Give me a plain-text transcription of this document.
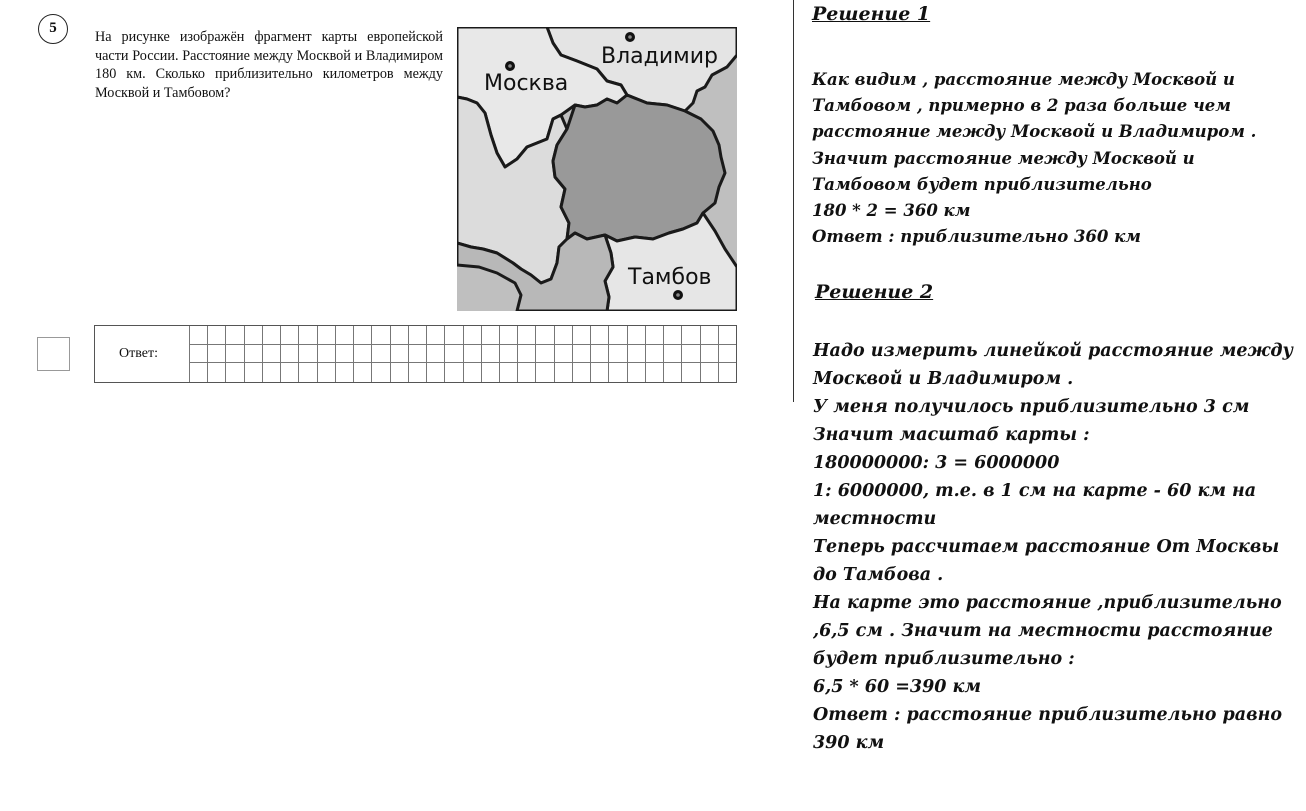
5

На рисунке изображён фрагмент карты европейской части России. Расстояние между Москвой и Владимиром 180 км. Сколько приблизительно километров между Москвой и Тамбовом?	Москва
Владимир
Тамбов
Ответ:
Решение 1
Как видим , расстояние между Москвой и
Тамбовом , примерно в 2 раза больше чем
расстояние между Москвой и Владимиром .
Значит расстояние между Москвой и
Тамбовом будет приблизительно
180 * 2 = 360 км
Ответ : приблизительно 360 км
Решение 2
Надо измерить линейкой расстояние между
Москвой и Владимиром .
У меня получилось приблизительно 3 см
Значит масштаб карты :
180000000: 3 = 6000000
1: 6000000, т.е. в 1 см на карте - 60 км на
местности
Теперь рассчитаем расстояние От Москвы
до Тамбова .
На карте это расстояние ,приблизительно
,6,5 см . Значит на местности расстояние
будет приблизительно :
6,5 * 60 =390 км
Ответ : расстояние приблизительно равно
390 км
